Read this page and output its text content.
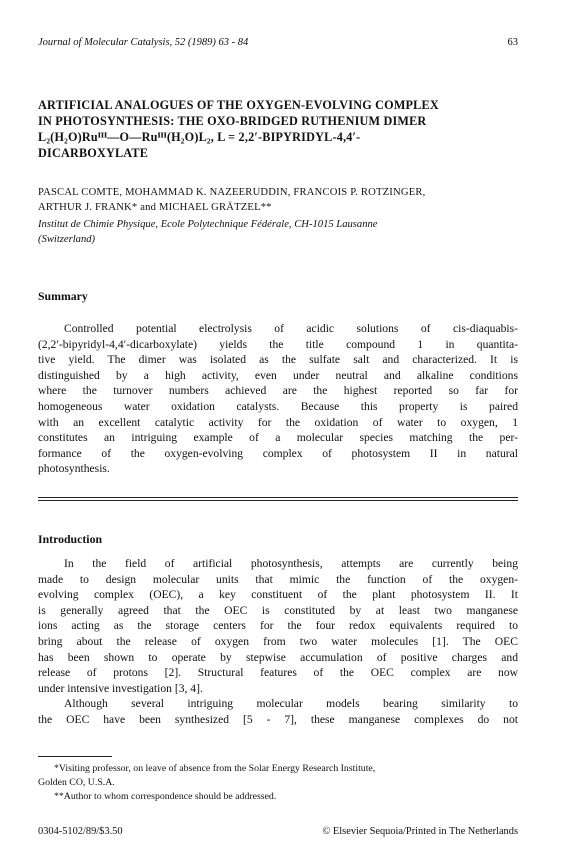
Journal of Molecular Catalysis, 52 (1989) 63 - 84	63
ARTIFICIAL ANALOGUES OF THE OXYGEN-EVOLVING COMPLEX
IN PHOTOSYNTHESIS: THE OXO-BRIDGED RUTHENIUM DIMER
L₂(H₂O)Ruᴵᴵᴵ—O—Ruᴵᴵᴵ(H₂O)L₂, L = 2,2′-BIPYRIDYL-4,4′-
DICARBOXYLATE
PASCAL COMTE, MOHAMMAD K. NAZEERUDDIN, FRANCOIS P. ROTZINGER,
ARTHUR J. FRANK* and MICHAEL GRÄTZEL**
Institut de Chimie Physique, Ecole Polytechnique Fédérale, CH-1015 Lausanne
(Switzerland)
Summary
Controlled potential electrolysis of acidic solutions of cis-diaquabis-
(2,2′-bipyridyl-4,4′-dicarboxylate) yields the title compound 1 in quantita-
tive yield. The dimer was isolated as the sulfate salt and characterized. It is
distinguished by a high activity, even under neutral and alkaline conditions
where the turnover numbers achieved are the highest reported so far for
homogeneous water oxidation catalysts. Because this property is paired
with an excellent catalytic activity for the oxidation of water to oxygen, 1
constitutes an intriguing example of a molecular species matching the per-
formance of the oxygen-evolving complex of photosystem II in natural
photosynthesis.
Introduction
In the field of artificial photosynthesis, attempts are currently being
made to design molecular units that mimic the function of the oxygen-
evolving complex (OEC), a key constituent of the plant photosystem II. It
is generally agreed that the OEC is constituted by at least two manganese
ions acting as the storage centers for the four redox equivalents required to
bring about the release of oxygen from two water molecules [1]. The OEC
has been shown to operate by stepwise accumulation of positive charges and
release of protons [2]. Structural features of the OEC complex are now
under intensive investigation [3, 4].
Although several intriguing molecular models bearing similarity to
the OEC have been synthesized [5 - 7], these manganese complexes do not
*Visiting professor, on leave of absence from the Solar Energy Research Institute,
Golden CO, U.S.A.
**Author to whom correspondence should be addressed.
0304-5102/89/$3.50	© Elsevier Sequoia/Printed in The Netherlands
